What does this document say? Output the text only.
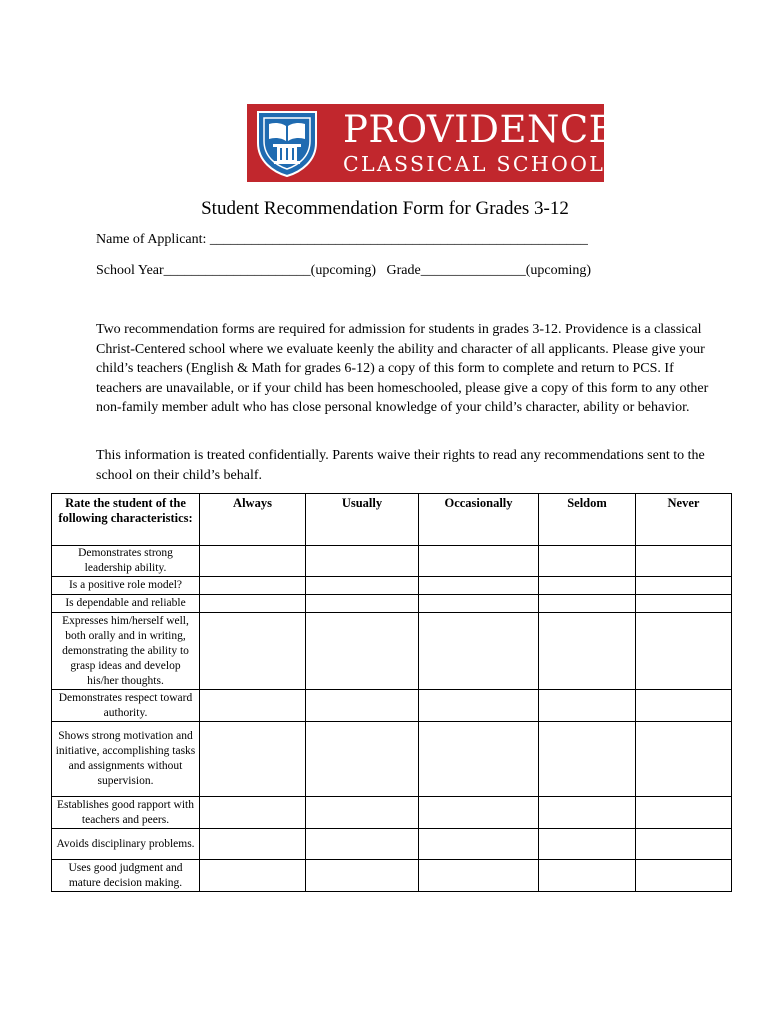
PROVIDENCE
CLASSICAL SCHOOL
Student Recommendation Form for Grades 3-12
Name of Applicant: ______________________________________________________
School Year_____________________(upcoming) Grade_______________(upcoming)
Two recommendation forms are required for admission for students in grades 3-12. Providence is a classical Christ-Centered school where we evaluate keenly the ability and character of all applicants. Please give your child’s teachers (English & Math for grades 6-12) a copy of this form to complete and return to PCS. If teachers are unavailable, or if your child has been homeschooled, please give a copy of this form to any other non-family member adult who has close personal knowledge of your child’s character, ability or behavior.
This information is treated confidentially. Parents waive their rights to read any recommendations sent to the school on their child’s behalf.
Rate the student of the following characteristics:	Always	Usually	Occasionally	Seldom	Never
Demonstrates strong leadership ability.					
Is a positive role model?					
Is dependable and reliable					
Expresses him/herself well, both orally and in writing, demonstrating the ability to grasp ideas and develop his/her thoughts.					
Demonstrates respect toward authority.					
Shows strong motivation and initiative, accomplishing tasks and assignments without supervision.					
Establishes good rapport with teachers and peers.					
Avoids disciplinary problems.					
Uses good judgment and mature decision making.					
